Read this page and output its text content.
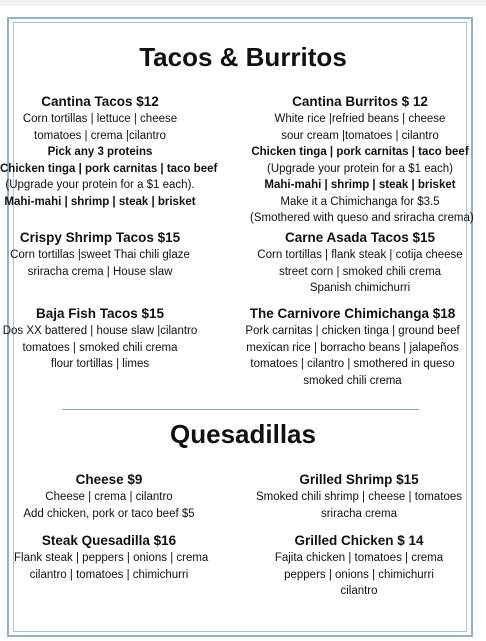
Tacos & Burritos
Cantina Tacos $12
Corn tortillas | lettuce | cheese
tomatoes | crema |cilantro
Pick any 3 proteins
Chicken tinga | pork carnitas | taco beef
(Upgrade your protein for a $1 each).
Mahi-mahi | shrimp | steak | brisket
Cantina Burritos $ 12
White rice |refried beans | cheese
sour cream |tomatoes | cilantro
Chicken tinga | pork carnitas | taco beef
(Upgrade your protein for a $1 each)
Mahi-mahi | shrimp | steak | brisket
Make it a Chimichanga for $3.5
(Smothered with queso and sriracha crema)
Crispy Shrimp Tacos $15
Corn tortillas |sweet Thai chili glaze
sriracha crema | House slaw
Carne Asada Tacos $15
Corn tortillas | flank steak | cotija cheese
street corn | smoked chili crema
Spanish chimichurri
Baja Fish Tacos $15
Dos XX battered | house slaw |cilantro
tomatoes | smoked chili crema
flour tortillas | limes
The Carnivore Chimichanga $18
Pork carnitas | chicken tinga | ground beef
mexican rice | borracho beans | jalapeños
tomatoes | cilantro | smothered in queso
smoked chili crema
Quesadillas
Cheese $9
Cheese | crema | cilantro
Add chicken, pork or taco beef $5
Grilled Shrimp $15
Smoked chili shrimp | cheese | tomatoes
sriracha crema
Steak Quesadilla $16
Flank steak | peppers | onions | crema
cilantro | tomatoes | chimichurri
Grilled Chicken $ 14
Fajita chicken | tomatoes | crema
peppers | onions | chimichurri
cilantro
